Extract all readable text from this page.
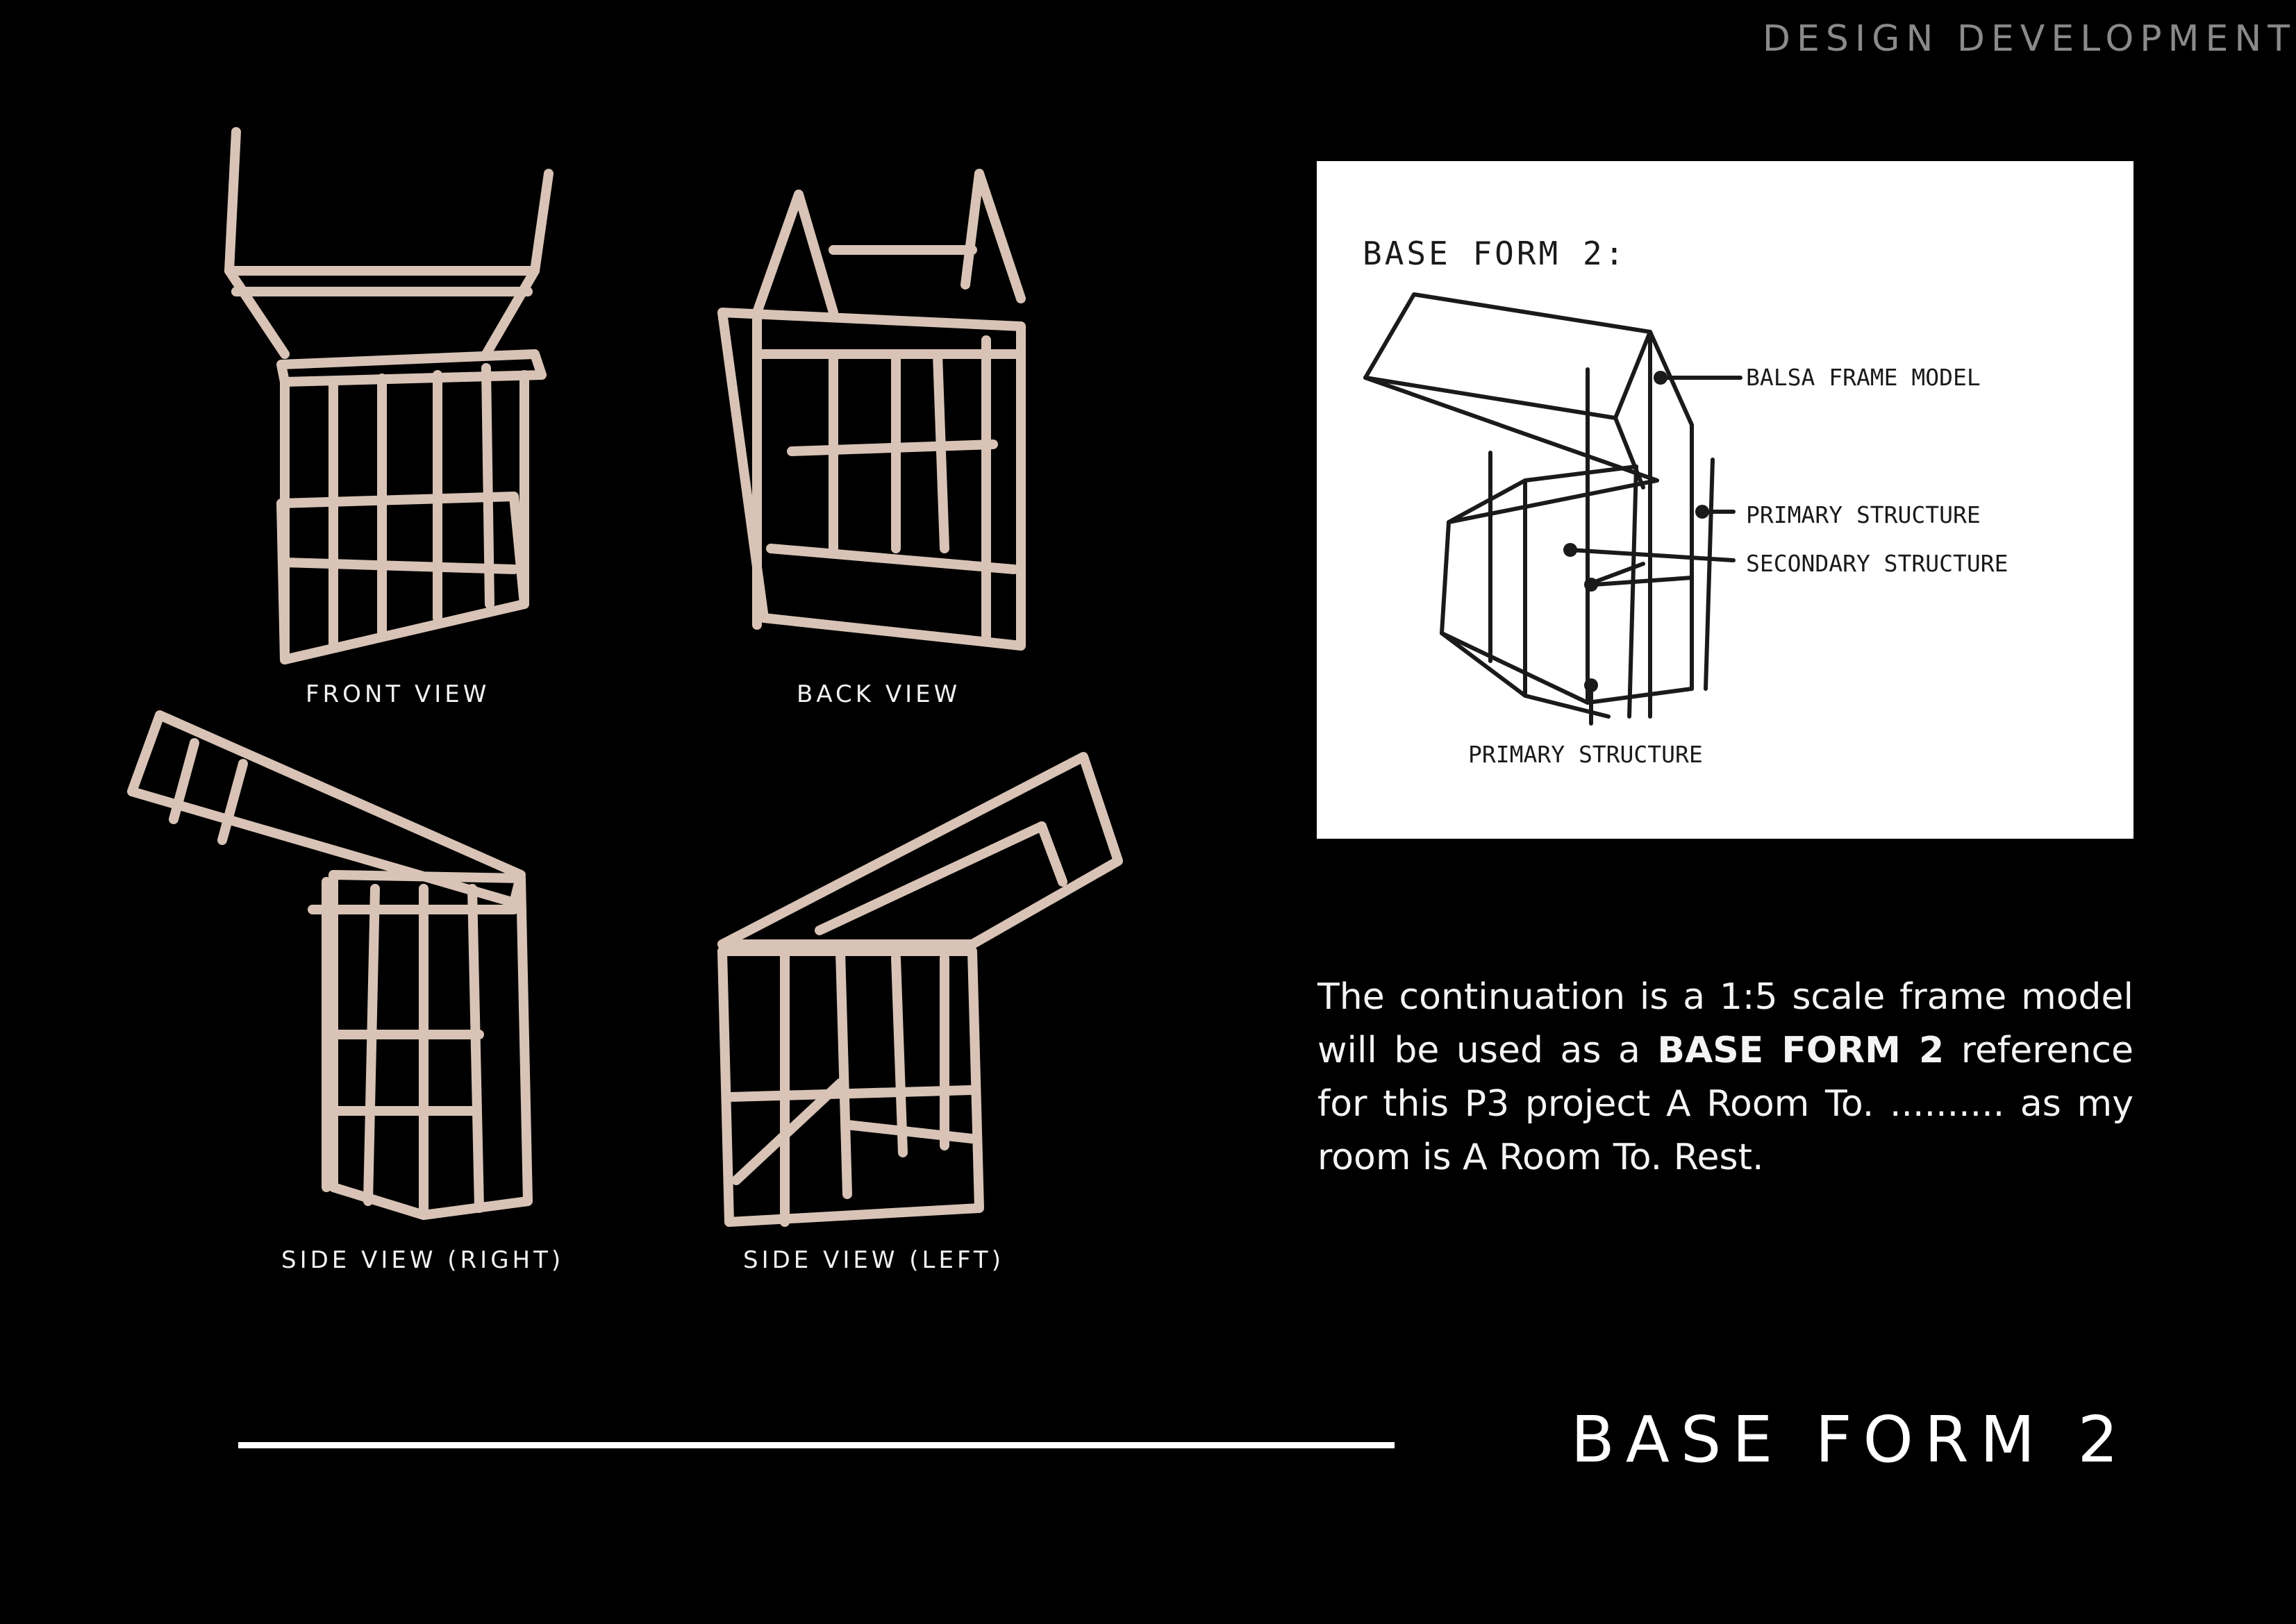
DESIGN DEVELOPMENT
FRONT VIEW	BACK VIEW
SIDE VIEW (RIGHT)	SIDE VIEW (LEFT)
BASE FORM 2:
BALSA FRAME MODEL
PRIMARY STRUCTURE
SECONDARY STRUCTURE
PRIMARY STRUCTURE
The continuation is a 1:5 scale frame model will be used as a BASE FORM 2 reference for this P3 project A Room To. .......... as my room is A Room To. Rest.
BASE FORM 2
